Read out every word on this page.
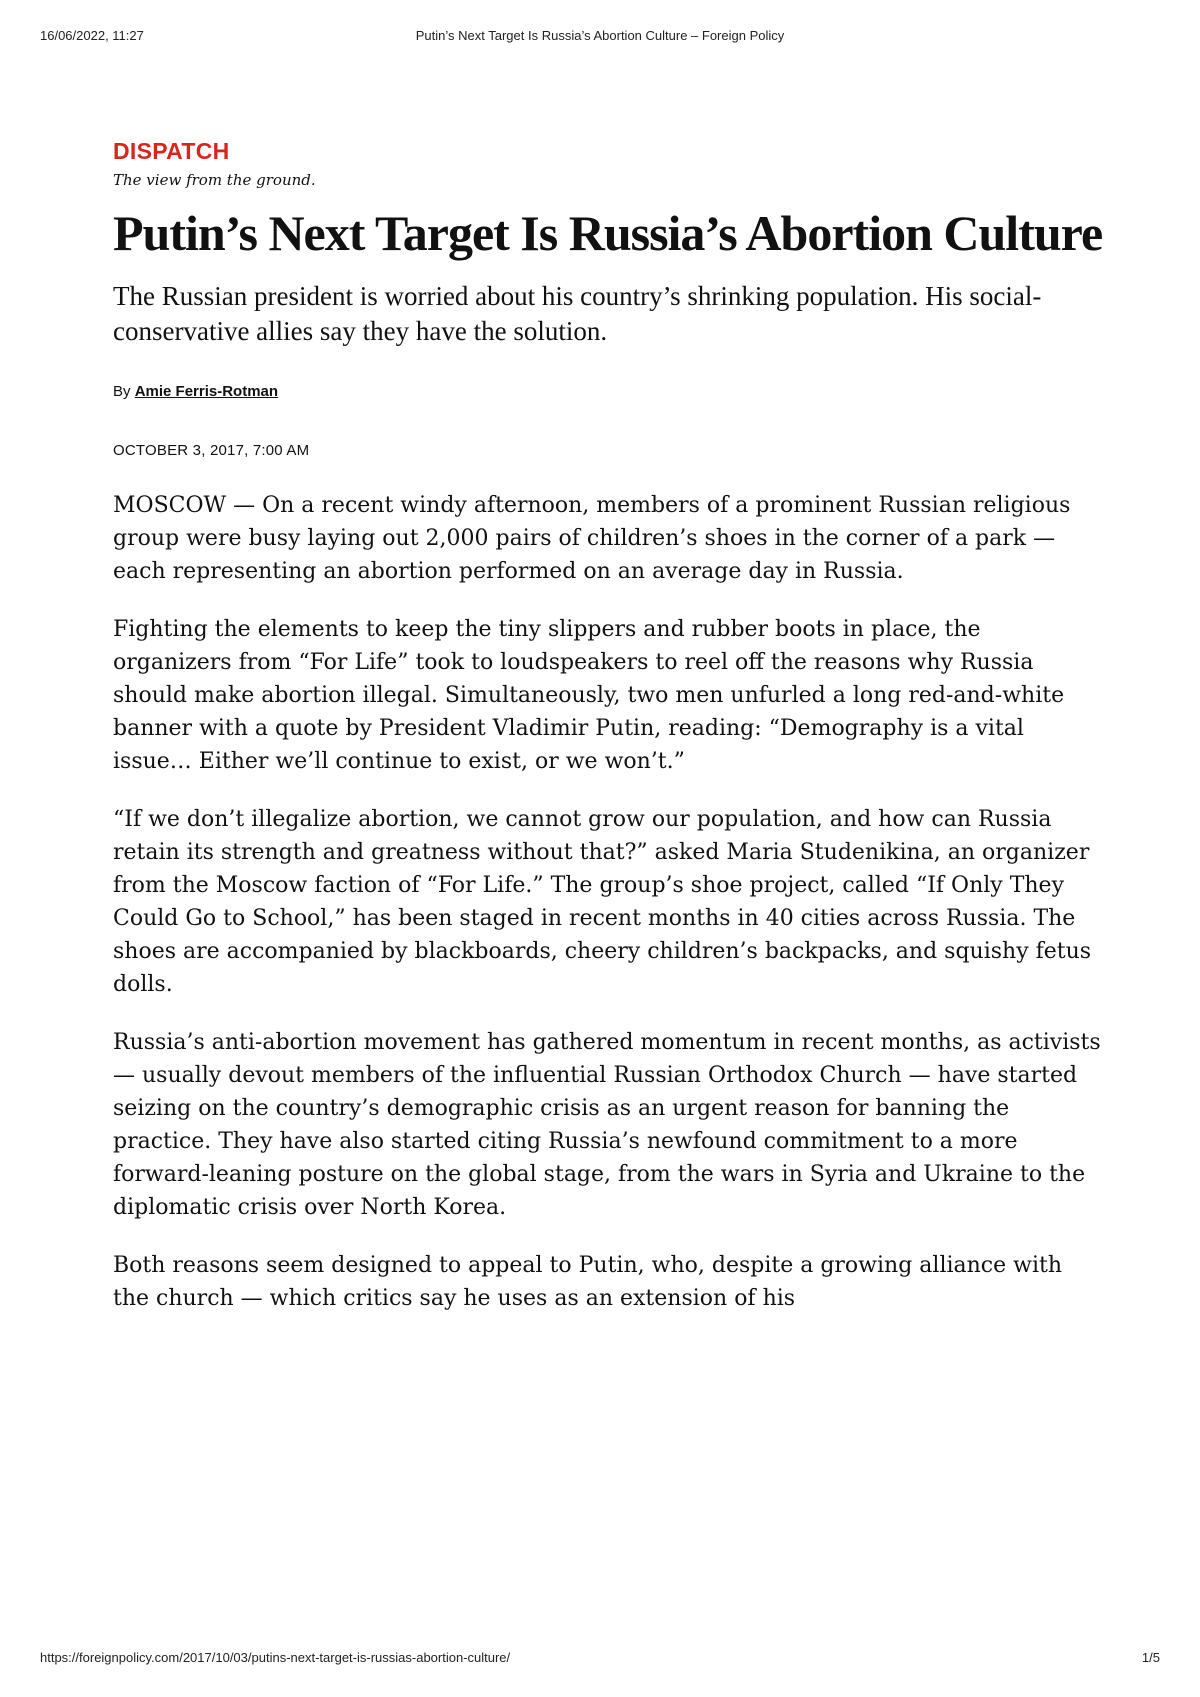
16/06/2022, 11:27	Putin’s Next Target Is Russia’s Abortion Culture – Foreign Policy
DISPATCH
The view from the ground.
Putin’s Next Target Is Russia’s Abortion Culture
The Russian president is worried about his country’s shrinking population. His social-conservative allies say they have the solution.
By Amie Ferris-Rotman
OCTOBER 3, 2017, 7:00 AM

MOSCOW — On a recent windy afternoon, members of a prominent Russian religious group were busy laying out 2,000 pairs of children’s shoes in the corner of a park — each representing an abortion performed on an average day in Russia.

Fighting the elements to keep the tiny slippers and rubber boots in place, the organizers from “For Life” took to loudspeakers to reel off the reasons why Russia should make abortion illegal. Simultaneously, two men unfurled a long red-and-white banner with a quote by President Vladimir Putin, reading: “Demography is a vital issue… Either we’ll continue to exist, or we won’t.”

“If we don’t illegalize abortion, we cannot grow our population, and how can Russia retain its strength and greatness without that?” asked Maria Studenikina, an organizer from the Moscow faction of “For Life.” The group’s shoe project, called “If Only They Could Go to School,” has been staged in recent months in 40 cities across Russia. The shoes are accompanied by blackboards, cheery children’s backpacks, and squishy fetus dolls.

Russia’s anti-abortion movement has gathered momentum in recent months, as activists — usually devout members of the influential Russian Orthodox Church — have started seizing on the country’s demographic crisis as an urgent reason for banning the practice. They have also started citing Russia’s newfound commitment to a more forward-leaning posture on the global stage, from the wars in Syria and Ukraine to the diplomatic crisis over North Korea.

Both reasons seem designed to appeal to Putin, who, despite a growing alliance with the church — which critics say he uses as an extension of his

https://foreignpolicy.com/2017/10/03/putins-next-target-is-russias-abortion-culture/	1/5
